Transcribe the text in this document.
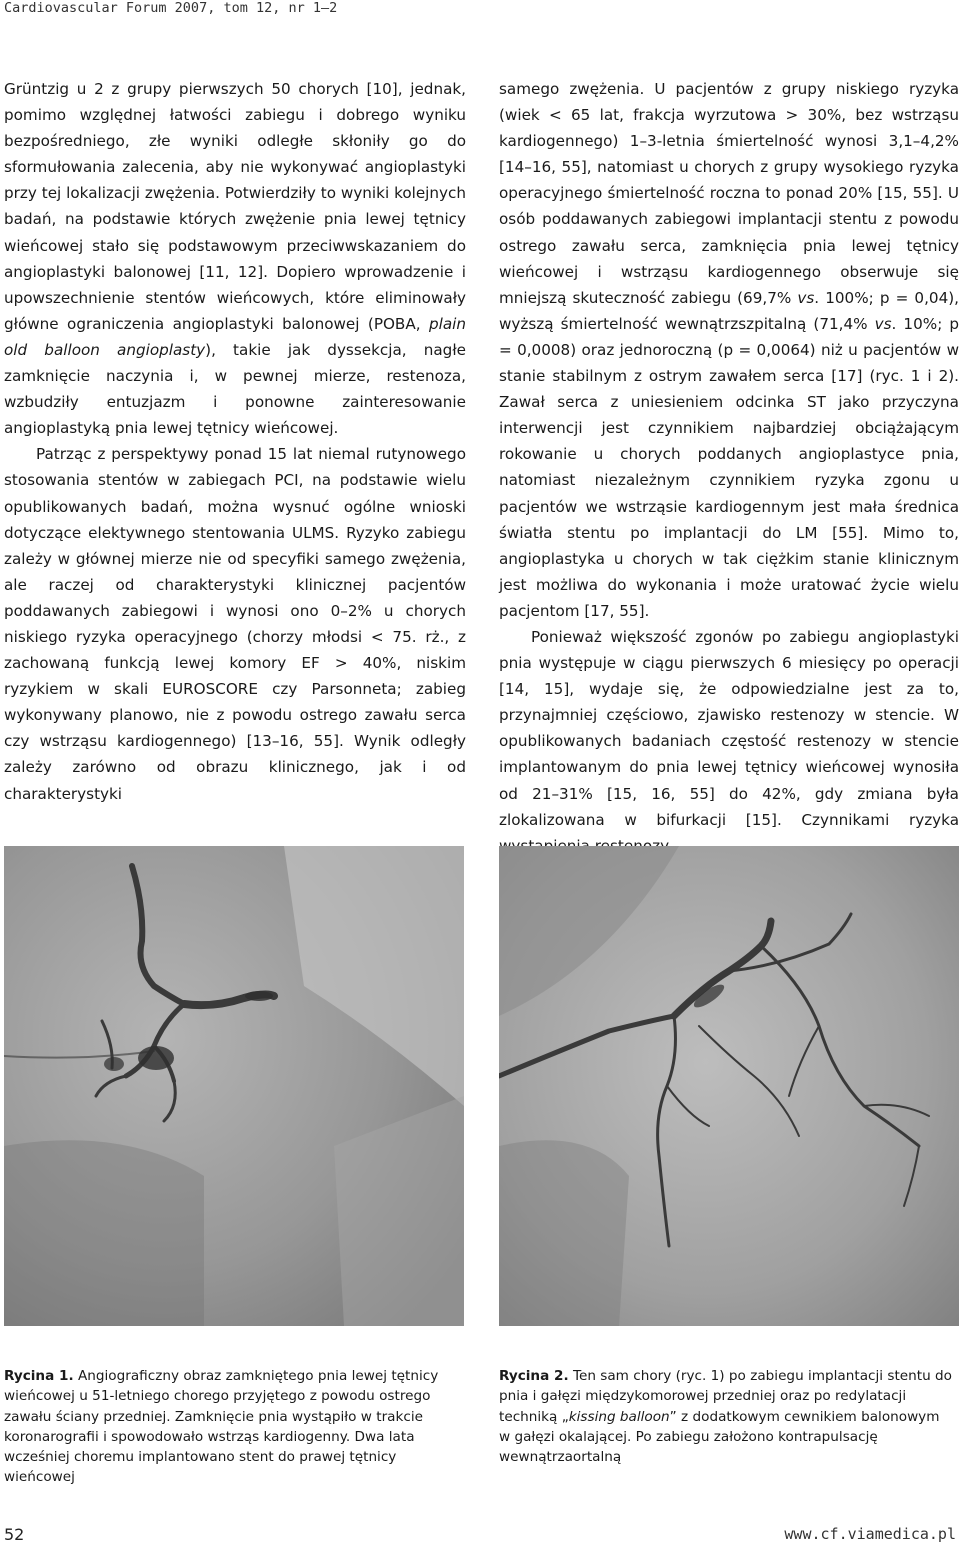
Cardiovascular Forum 2007, tom 12, nr 1–2

Grüntzig u 2 z grupy pierwszych 50 chorych [10], jednak, pomimo względnej łatwości zabiegu i dobrego wyniku bezpośredniego, złe wyniki odległe skłoniły go do sformułowania zalecenia, aby nie wykonywać angioplastyki przy tej lokalizacji zwężenia. Potwierdziły to wyniki kolejnych badań, na podstawie których zwężenie pnia lewej tętnicy wieńcowej stało się podstawowym przeciwwskazaniem do angioplastyki balonowej [11, 12]. Dopiero wprowadzenie i upowszechnienie stentów wieńcowych, które eliminowały główne ograniczenia angioplastyki balonowej (POBA, plain old balloon angioplasty), takie jak dyssekcja, nagłe zamknięcie naczynia i, w pewnej mierze, restenoza, wzbudziły entuzjazm i ponowne zainteresowanie angioplastyką pnia lewej tętnicy wieńcowej.

Patrząc z perspektywy ponad 15 lat niemal rutynowego stosowania stentów w zabiegach PCI, na podstawie wielu opublikowanych badań, można wysnuć ogólne wnioski dotyczące elektywnego stentowania ULMS. Ryzyko zabiegu zależy w głównej mierze nie od specyfiki samego zwężenia, ale raczej od charakterystyki klinicznej pacjentów poddawanych zabiegowi i wynosi ono 0–2% u chorych niskiego ryzyka operacyjnego (chorzy młodsi < 75. rż., z zachowaną funkcją lewej komory EF > 40%, niskim ryzykiem w skali EUROSCORE czy Parsonneta; zabieg wykonywany planowo, nie z powodu ostrego zawału serca czy wstrząsu kardiogennego) [13–16, 55]. Wynik odległy zależy zarówno od obrazu klinicznego, jak i od charakterystyki

samego zwężenia. U pacjentów z grupy niskiego ryzyka (wiek < 65 lat, frakcja wyrzutowa > 30%, bez wstrząsu kardiogennego) 1–3-letnia śmiertelność wynosi 3,1–4,2% [14–16, 55], natomiast u chorych z grupy wysokiego ryzyka operacyjnego śmiertelność roczna to ponad 20% [15, 55]. U osób poddawanych zabiegowi implantacji stentu z powodu ostrego zawału serca, zamknięcia pnia lewej tętnicy wieńcowej i wstrząsu kardiogennego obserwuje się mniejszą skuteczność zabiegu (69,7% vs. 100%; p = 0,04), wyższą śmiertelność wewnątrzszpitalną (71,4% vs. 10%; p = 0,0008) oraz jednoroczną (p = 0,0064) niż u pacjentów w stanie stabilnym z ostrym zawałem serca [17] (ryc. 1 i 2). Zawał serca z uniesieniem odcinka ST jako przyczyna interwencji jest czynnikiem najbardziej obciążającym rokowanie u chorych poddanych angioplastyce pnia, natomiast niezależnym czynnikiem ryzyka zgonu u pacjentów we wstrząsie kardiogennym jest mała średnica światła stentu po implantacji do LM [55]. Mimo to, angioplastyka u chorych w tak ciężkim stanie klinicznym jest możliwa do wykonania i może uratować życie wielu pacjentom [17, 55].

Ponieważ większość zgonów po zabiegu angioplastyki pnia występuje w ciągu pierwszych 6 miesięcy po operacji [14, 15], wydaje się, że odpowiedzialne jest za to, przynajmniej częściowo, zjawisko restenozy w stencie. W opublikowanych badaniach częstość restenozy w stencie implantowanym do pnia lewej tętnicy wieńcowej wynosiła od 21–31% [15, 16, 55] do 42%, gdy zmiana była zlokalizowana w bifurkacji [15]. Czynnikami ryzyka

Rycina 1. Angiograficzny obraz zamkniętego pnia lewej tętnicy wieńcowej u 51-letniego chorego przyjętego z powodu ostrego zawału ściany przedniej. Zamknięcie pnia wystąpiło w trakcie koronarografii i spowodowało wstrząs kardiogenny. Dwa lata wcześniej choremu implantowano stent do prawej tętnicy wieńcowej
Rycina 2. Ten sam chory (ryc. 1) po zabiegu implantacji stentu do pnia i gałęzi międzykomorowej przedniej oraz po redylatacji techniką „kissing balloon” z dodatkowym cewnikiem balonowym w gałęzi okalającej. Po zabiegu założono kontrapulsację wewnątrzaortalną
52	www.cf.viamedica.pl
